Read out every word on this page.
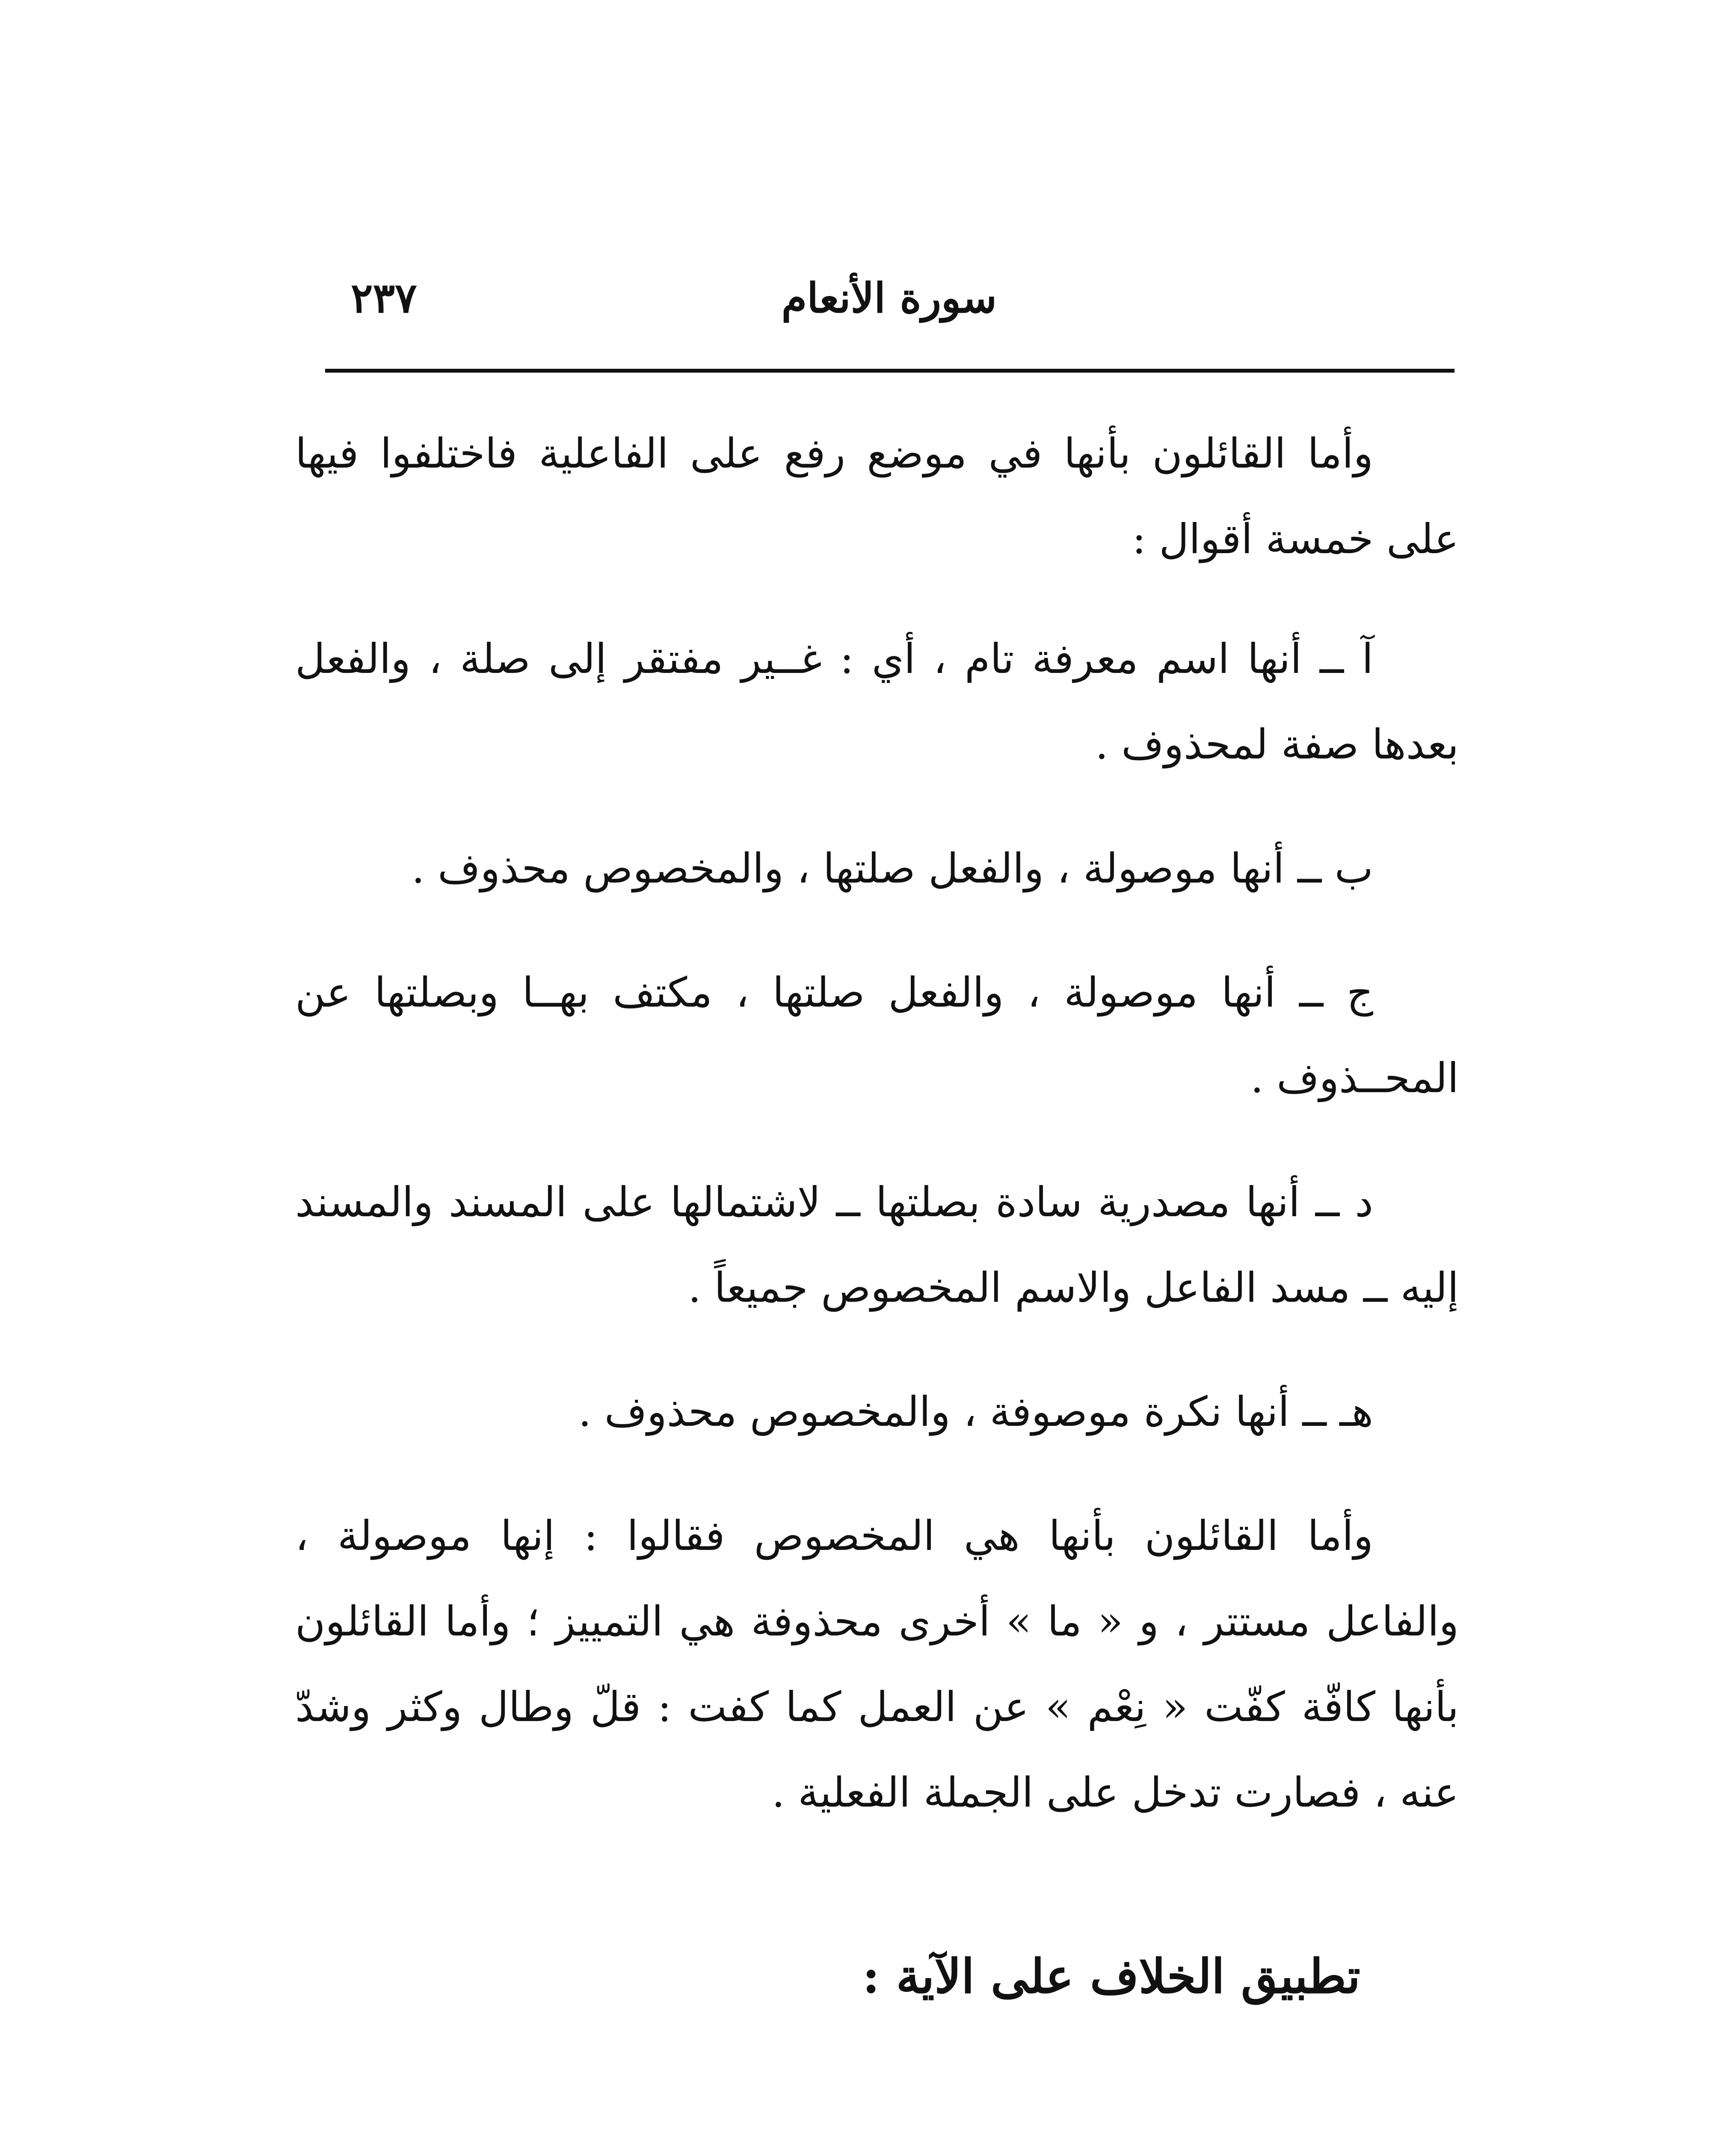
سورة الأنعام
٢٣٧

وأما القائلون بأنها في موضع رفع على الفاعلية فاختلفوا فيها على خمسة أقوال :

آ ــ أنها اسم معرفة تام ، أي : غــير مفتقر إلى صلة ، والفعل بعدها صفة لمحذوف .

ب ــ أنها موصولة ، والفعل صلتها ، والمخصوص محذوف .

ج ــ أنها موصولة ، والفعل صلتها ، مكتف بهــا وبصلتها عن المحــذوف .

د ــ أنها مصدرية سادة بصلتها ــ لاشتمالها على المسند والمسند إليه ــ مسد الفاعل والاسم المخصوص جميعاً .

هـ ــ أنها نكرة موصوفة ، والمخصوص محذوف .

وأما القائلون بأنها هي المخصوص فقالوا : إنها موصولة ، والفاعل مستتر ، و « ما » أخرى محذوفة هي التمييز ؛ وأما القائلون بأنها كافّة كفّت « نِعْم » عن العمل كما كفت : قلّ وطال وكثر وشدّ عنه ، فصارت تدخل على الجملة الفعلية .

تطبيق الخلاف على الآية :
